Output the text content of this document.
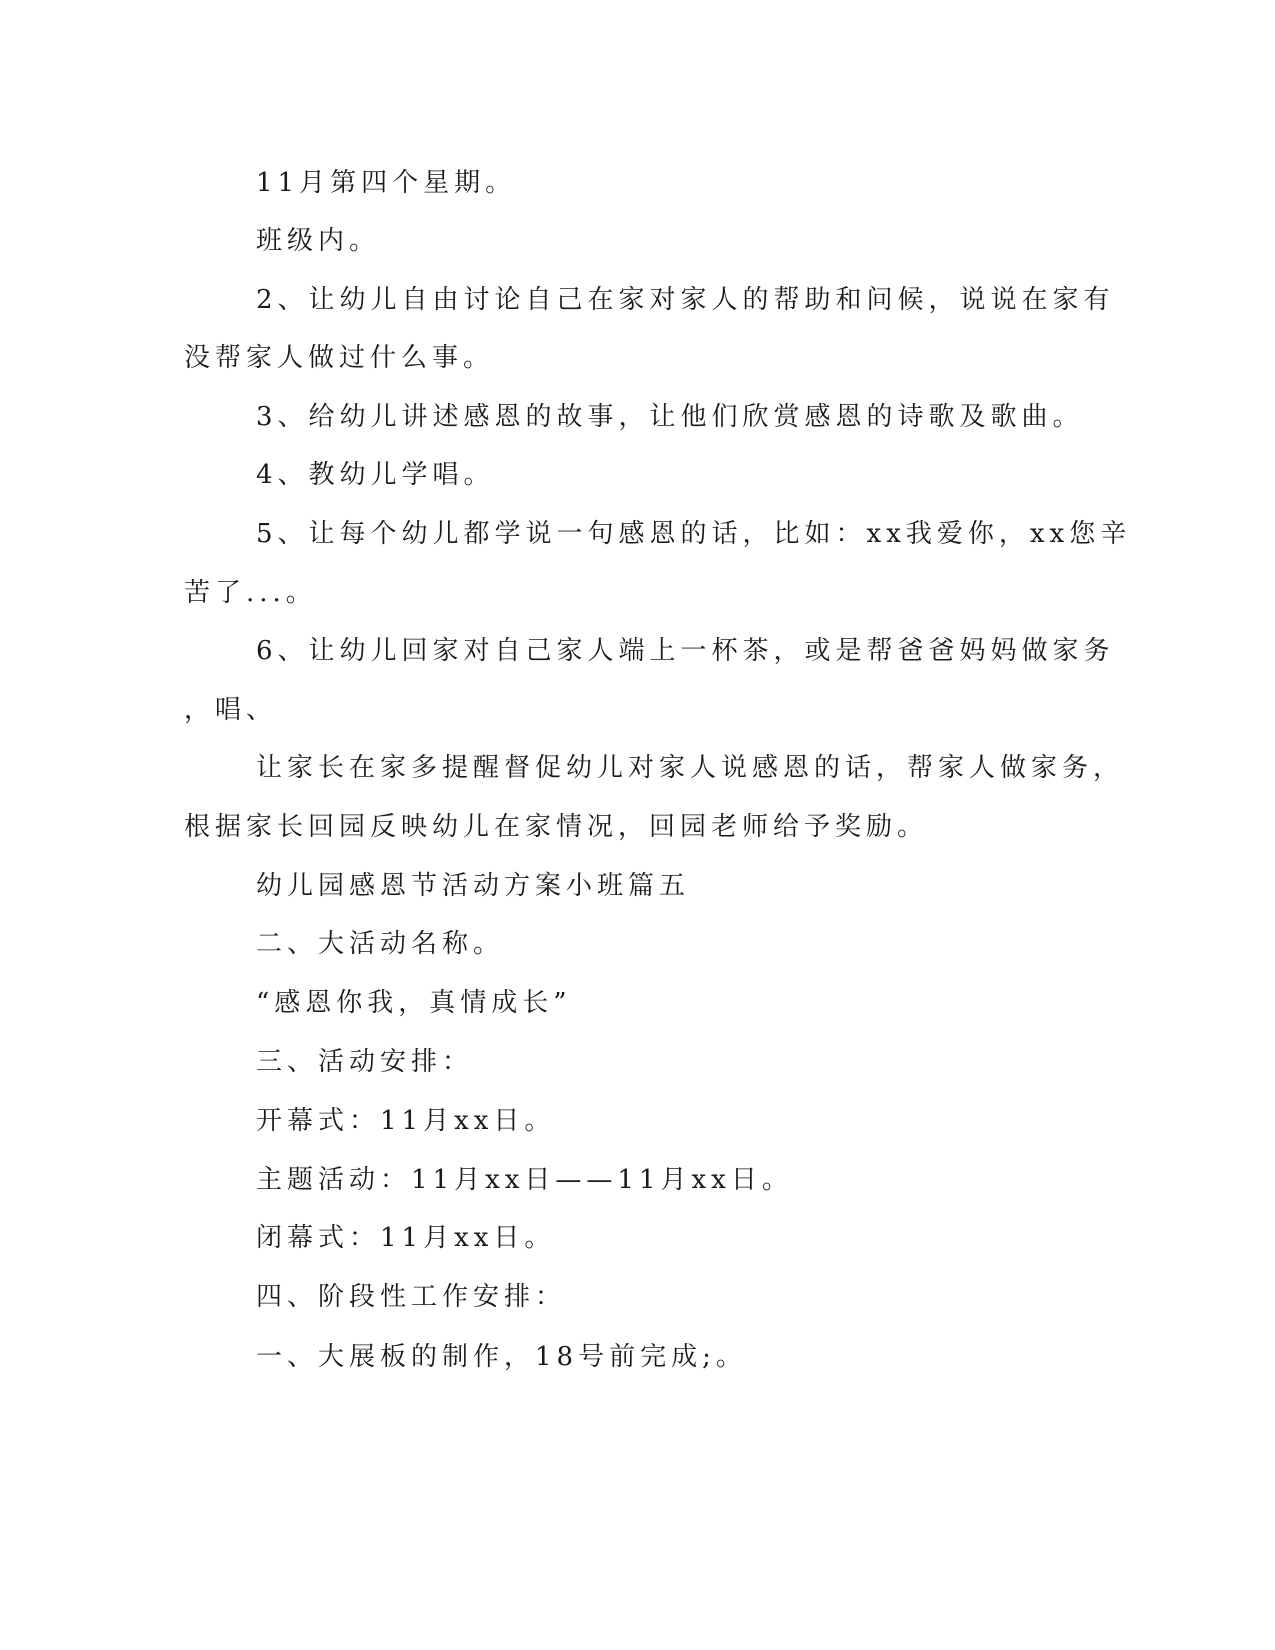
11月第四个星期。
班级内。
2、让幼儿自由讨论自己在家对家人的帮助和问候，说说在家有
没帮家人做过什么事。
3、给幼儿讲述感恩的故事，让他们欣赏感恩的诗歌及歌曲。
4、教幼儿学唱。
5、让每个幼儿都学说一句感恩的话，比如：xx我爱你，xx您辛
苦了...。
6、让幼儿回家对自己家人端上一杯茶，或是帮爸爸妈妈做家务
，唱、
让家长在家多提醒督促幼儿对家人说感恩的话，帮家人做家务，
根据家长回园反映幼儿在家情况，回园老师给予奖励。
幼儿园感恩节活动方案小班篇五
二、大活动名称。
“感恩你我，真情成长”
三、活动安排：
开幕式：11月xx日。
主题活动：11月xx日——11月xx日。
闭幕式：11月xx日。
四、阶段性工作安排：
一、大展板的制作，18号前完成;。
